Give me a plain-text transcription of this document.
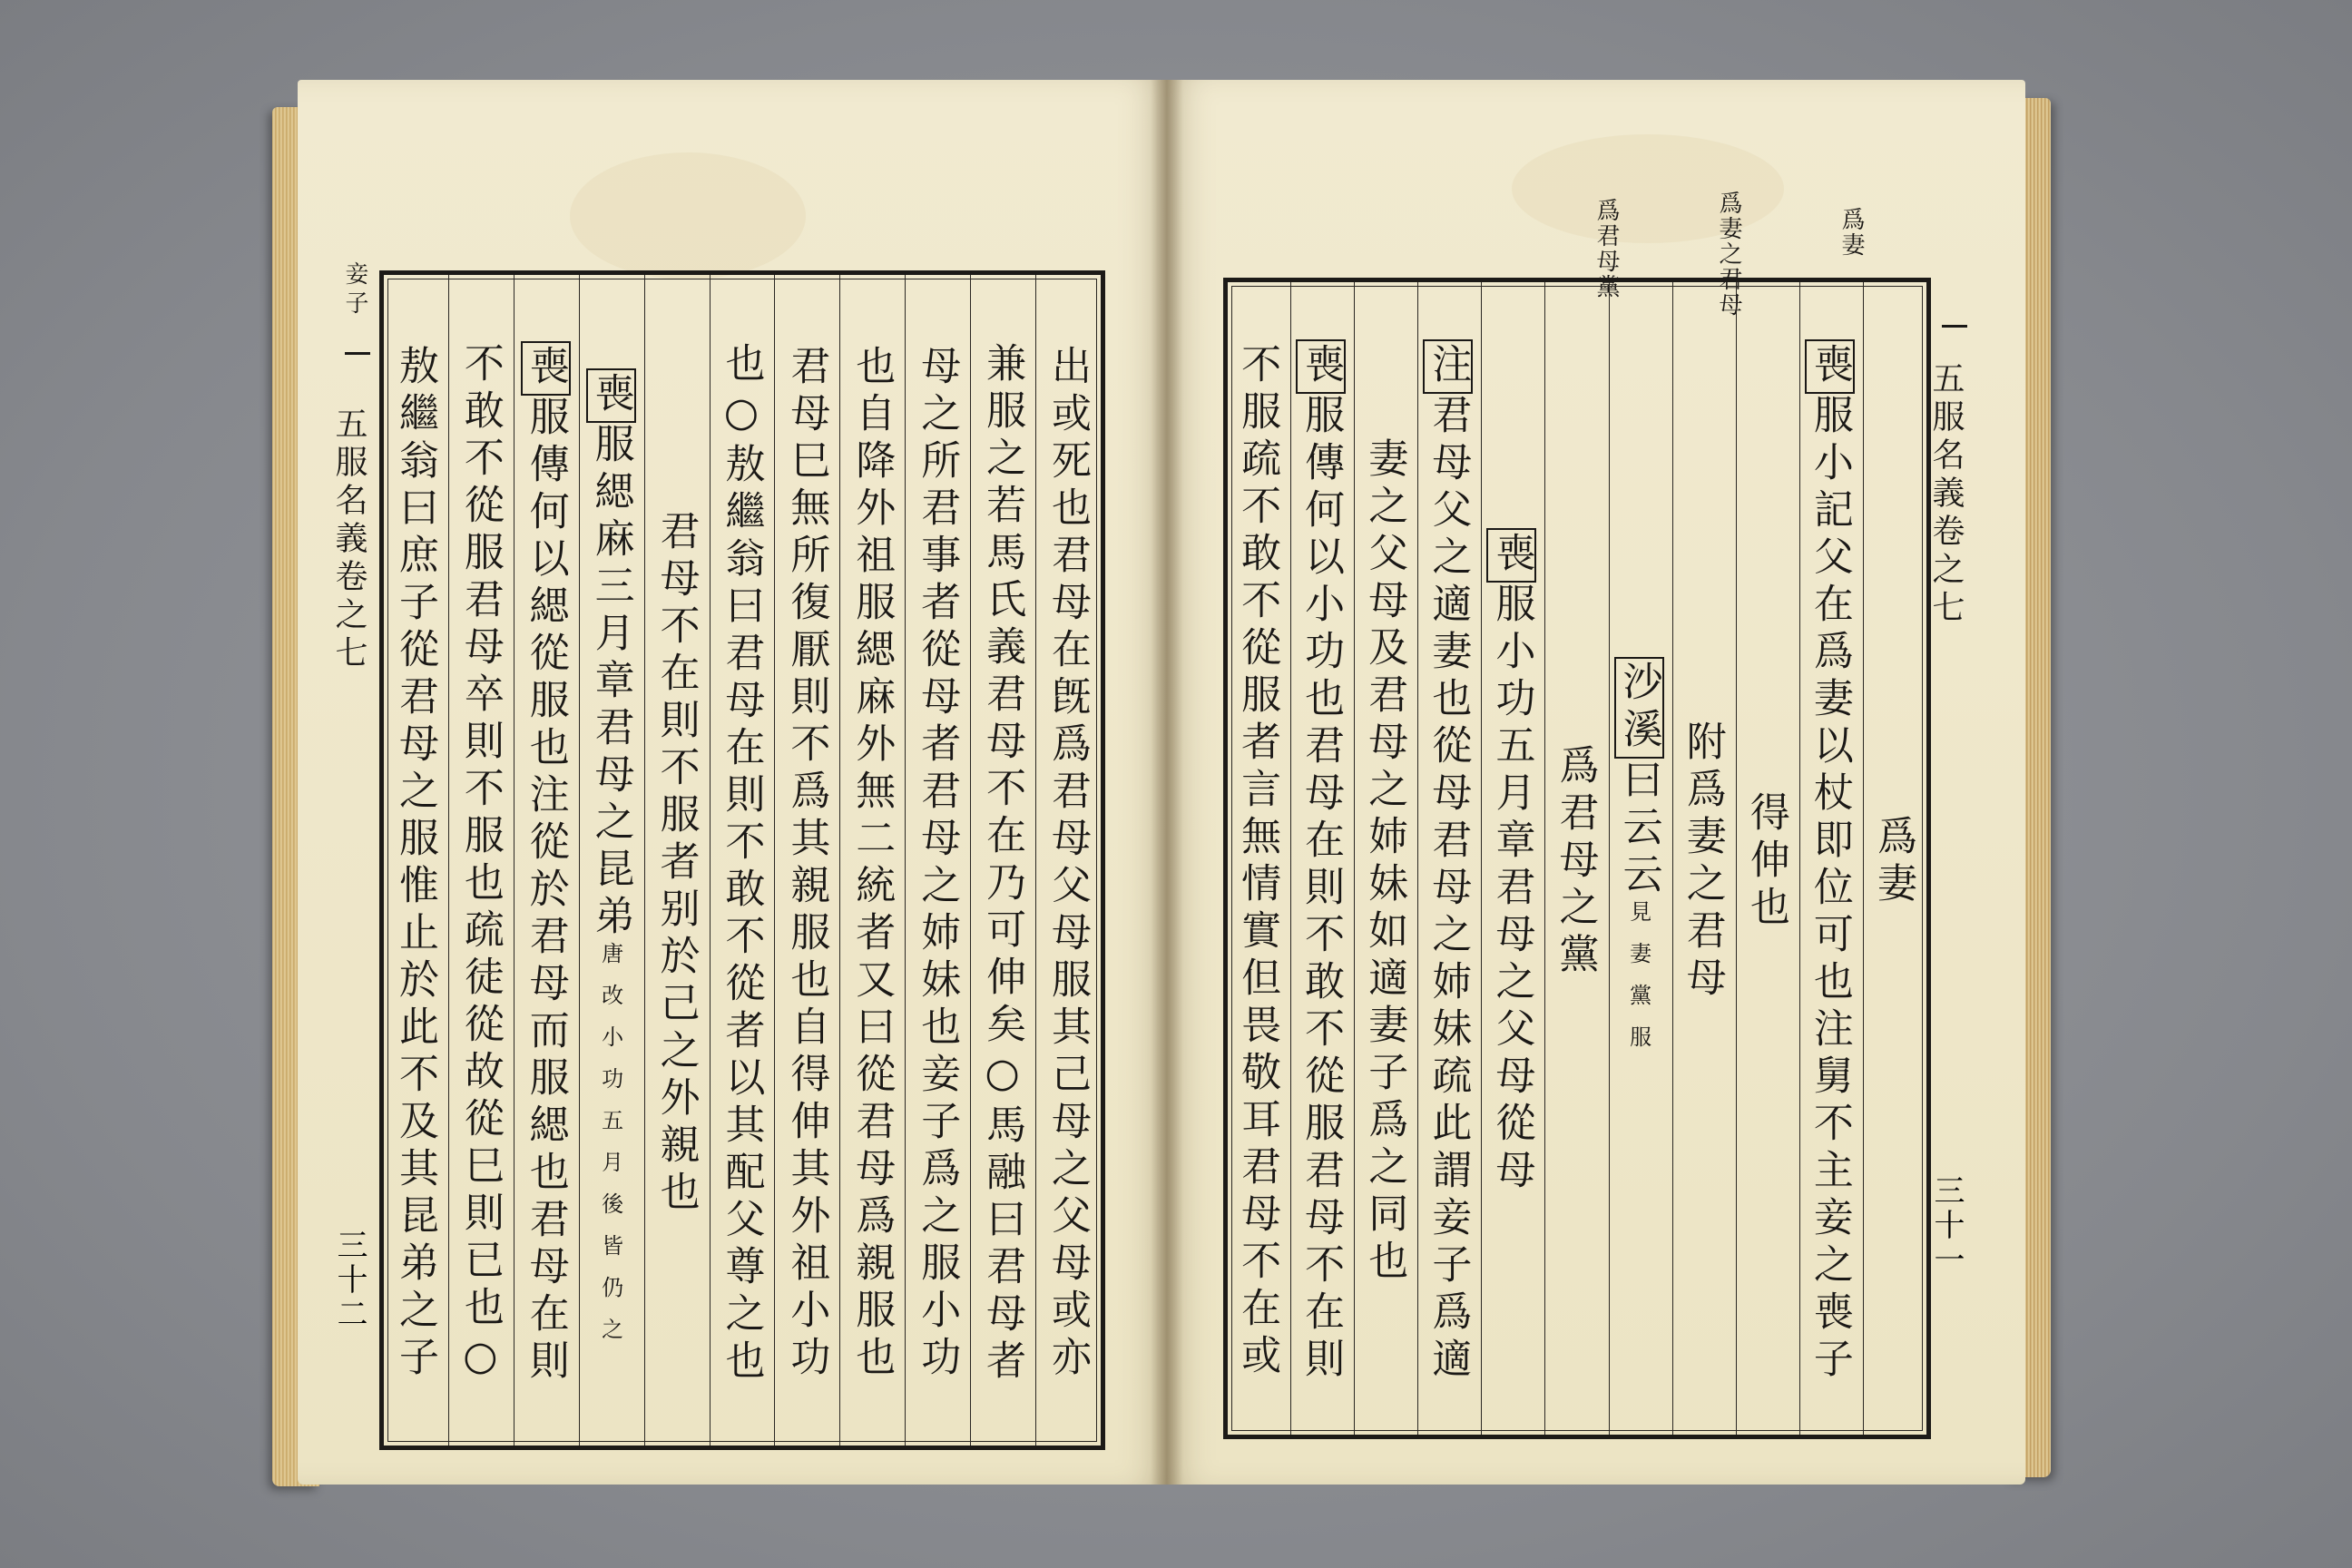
出或死也君母在旣爲君母父母服其己母之父母或亦
兼服之若馬氏義君母不在乃可伸矣○馬融曰君母者
母之所君事者從母者君母之姉妹也妾子爲之服小功
也自降外祖服緦麻外無二統者又曰從君母爲親服也
君母巳無所復厭則不爲其親服也自得伸其外祖小功
也○敖繼翁曰君母在則不敢不從者以其配父尊之也
君母不在則不服者别於己之外親也
喪服緦麻三月章君母之昆弟唐改小功五月後皆仍之
喪服傳何以緦從服也注從於君母而服緦也君母在則
不敢不從服君母卒則不服也疏徒從故從巳則已也○
敖繼翁曰庶子從君母之服惟止於此不及其昆弟之子
妾子
五服名義卷之七
三十二
爲妻
爲妻之君母
爲君母黨
爲妻
喪服小記父在爲妻以杖即位可也注舅不主妾之喪子
得伸也
附爲妻之君母
沙溪曰云云見妻黨服
爲君母之黨
喪服小功五月章君母之父母從母
注君母父之適妻也從母君母之姉妹疏此謂妾子爲適
妻之父母及君母之姉妹如適妻子爲之同也
喪服傳何以小功也君母在則不敢不從服君母不在則
不服疏不敢不從服者言無情實但畏敬耳君母不在或	五服名義卷之七
三十一
